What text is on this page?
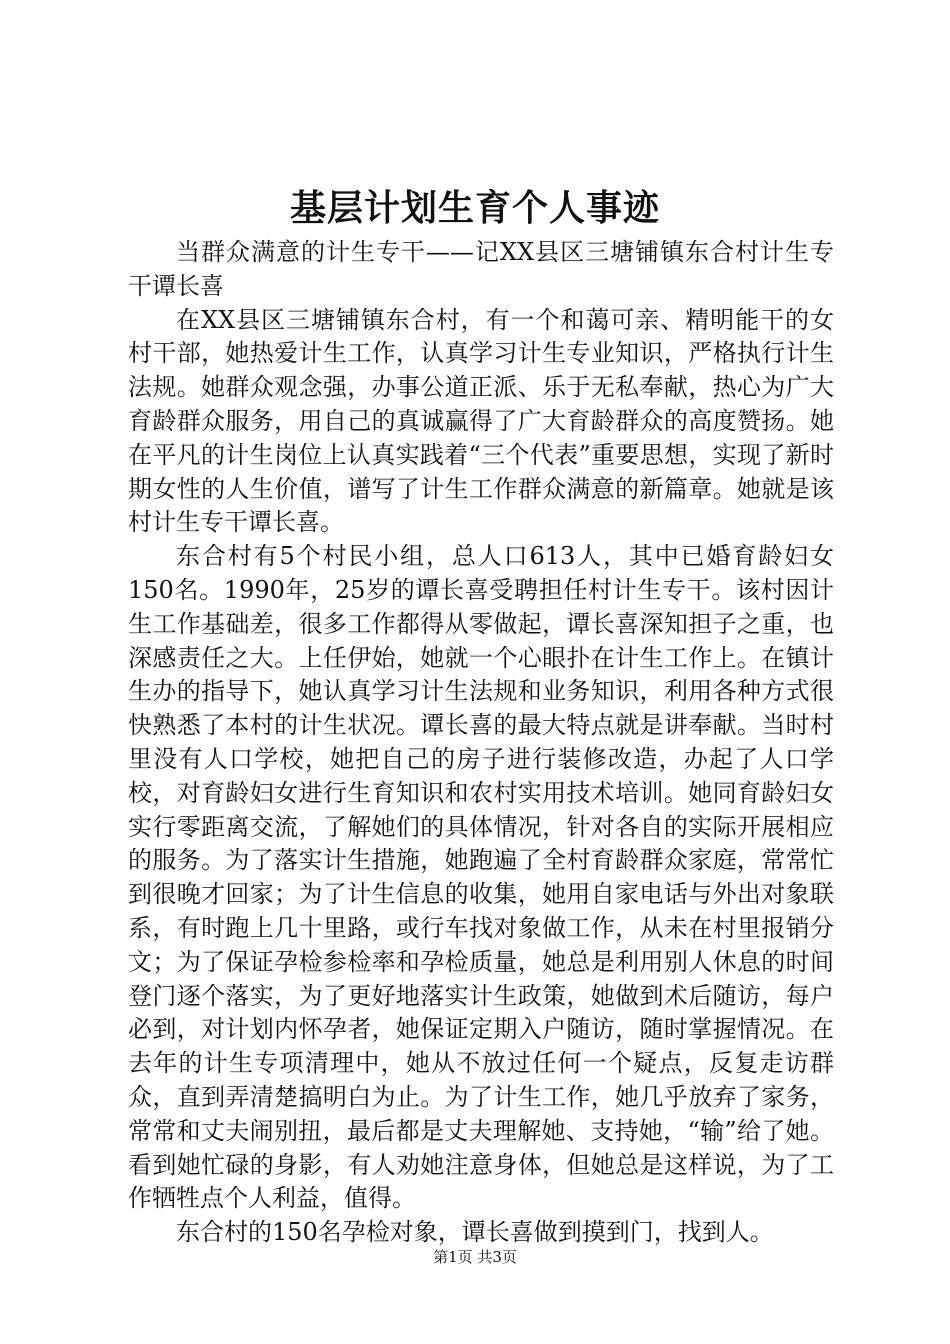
基层计划生育个人事迹

当群众满意的计生专干——记XX县区三塘铺镇东合村计生专干谭长喜

在XX县区三塘铺镇东合村，有一个和蔼可亲、精明能干的女村干部，她热爱计生工作，认真学习计生专业知识，严格执行计生法规。她群众观念强，办事公道正派、乐于无私奉献，热心为广大育龄群众服务，用自己的真诚赢得了广大育龄群众的高度赞扬。她在平凡的计生岗位上认真实践着“三个代表”重要思想，实现了新时期女性的人生价值，谱写了计生工作群众满意的新篇章。她就是该村计生专干谭长喜。

东合村有5个村民小组，总人口613人，其中已婚育龄妇女150名。1990年，25岁的谭长喜受聘担任村计生专干。该村因计生工作基础差，很多工作都得从零做起，谭长喜深知担子之重，也深感责任之大。上任伊始，她就一个心眼扑在计生工作上。在镇计生办的指导下，她认真学习计生法规和业务知识，利用各种方式很快熟悉了本村的计生状况。谭长喜的最大特点就是讲奉献。当时村里没有人口学校，她把自己的房子进行装修改造，办起了人口学校，对育龄妇女进行生育知识和农村实用技术培训。她同育龄妇女实行零距离交流，了解她们的具体情况，针对各自的实际开展相应的服务。为了落实计生措施，她跑遍了全村育龄群众家庭，常常忙到很晚才回家；为了计生信息的收集，她用自家电话与外出对象联系，有时跑上几十里路，或行车找对象做工作，从未在村里报销分文；为了保证孕检参检率和孕检质量，她总是利用别人休息的时间登门逐个落实，为了更好地落实计生政策，她做到术后随访，每户必到，对计划内怀孕者，她保证定期入户随访，随时掌握情况。在去年的计生专项清理中，她从不放过任何一个疑点，反复走访群众，直到弄清楚搞明白为止。为了计生工作，她几乎放弃了家务，常常和丈夫闹别扭，最后都是丈夫理解她、支持她，“输”给了她。看到她忙碌的身影，有人劝她注意身体，但她总是这样说，为了工作牺牲点个人利益，值得。

东合村的150名孕检对象，谭长喜做到摸到门，找到人。

第1页 共3页
